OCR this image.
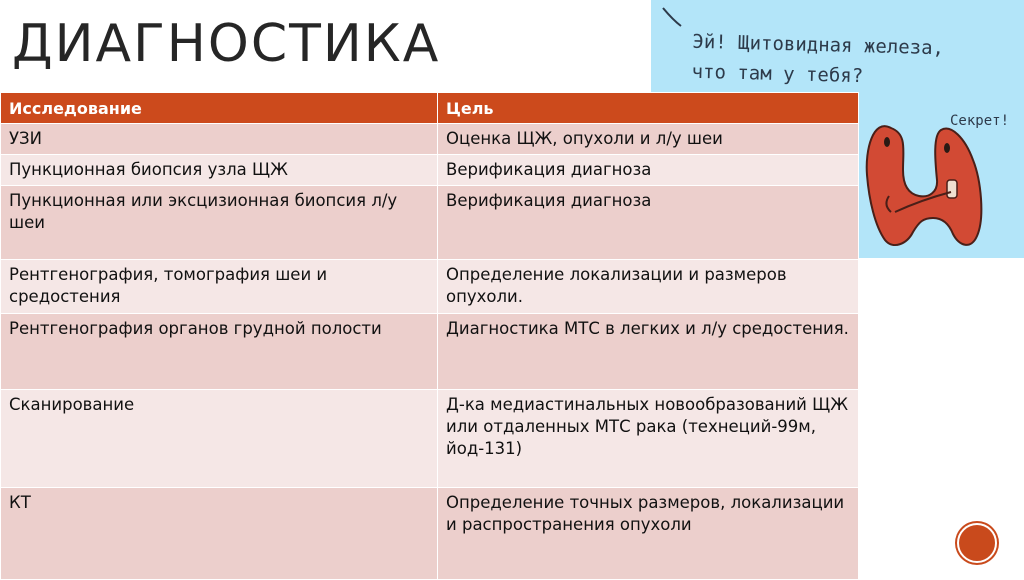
ДИАГНОСТИКА	Эй! Щитовидная железа,
что там у тебя?
Секрет!
Исследование	Цель
УЗИ	Оценка ЩЖ, опухоли и л/у шеи
Пункционная биопсия узла ЩЖ	Верификация диагноза
Пункционная или эксцизионная биопсия л/у шеи	Верификация диагноза
Рентгенография, томография шеи и средостения	Определение локализации и размеров опухоли.
Рентгенография органов грудной полости	Диагностика МТС в легких и л/у средостения.
Сканирование	Д-ка медиастинальных новообразований ЩЖ или отдаленных МТС рака (технеций-99м, йод-131)
КТ	Определение точных размеров, локализации и распространения опухоли
